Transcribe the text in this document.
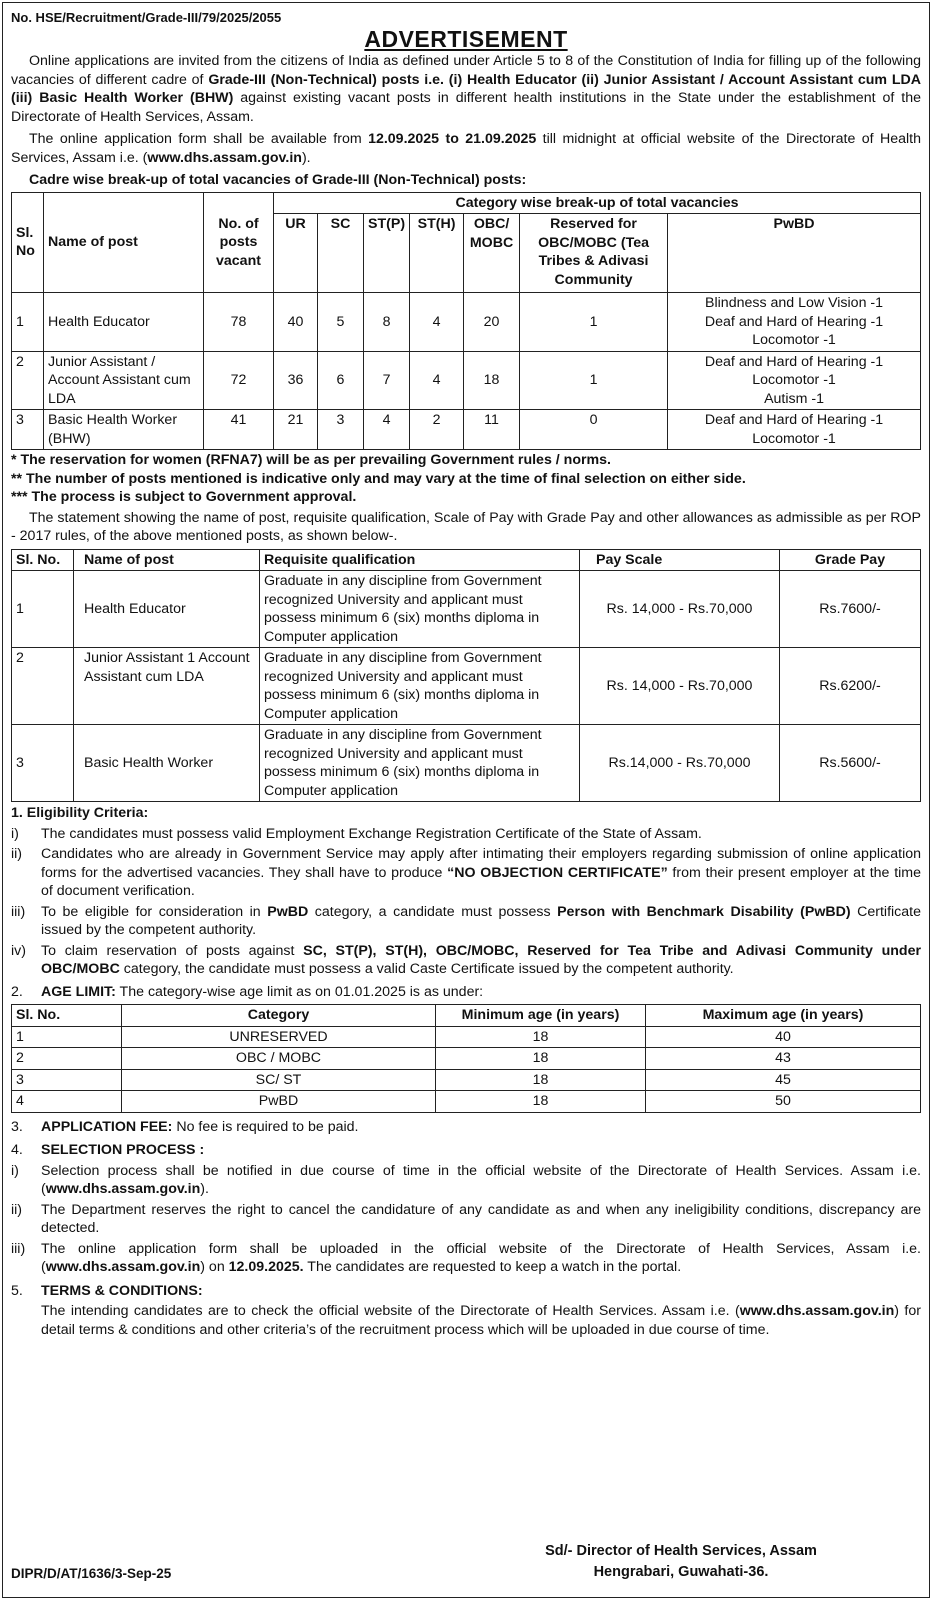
No. HSE/Recruitment/Grade-III/79/2025/2055
ADVERTISEMENT

Online applications are invited from the citizens of India as defined under Article 5 to 8 of the Constitution of India for filling up of the following vacancies of different cadre of Grade-III (Non-Technical) posts i.e. (i) Health Educator (ii) Junior Assistant / Account Assistant cum LDA (iii) Basic Health Worker (BHW) against existing vacant posts in different health institutions in the State under the establishment of the Directorate of Health Services, Assam.

The online application form shall be available from 12.09.2025 to 21.09.2025 till midnight at official website of the Directorate of Health Services, Assam i.e. (www.dhs.assam.gov.in).

Cadre wise break-up of total vacancies of Grade-III (Non-Technical) posts:
Sl. No	Name of post	No. of posts vacant	Category wise break-up of total vacancies						
			UR	SC	ST(P)	ST(H)	OBC/ MOBC	Reserved for OBC/MOBC (Tea Tribes & Adivasi Community	PwBD
1	Health Educator	78	40	5	8	4	20	1	Blindness and Low Vision -1
Deaf and Hard of Hearing -1
Locomotor -1

2	Junior Assistant / Account Assistant cum LDA	72	36	6	7	4	18	1	Deaf and Hard of Hearing -1
Locomotor -1
Autism -1

3	Basic Health Worker (BHW)	41	21	3	4	2	11	0	Deaf and Hard of Hearing -1
Locomotor -1
* The reservation for women (RFNA7) will be as per prevailing Government rules / norms.
** The number of posts mentioned is indicative only and may vary at the time of final selection on either side.
*** The process is subject to Government approval.

The statement showing the name of post, requisite qualification, Scale of Pay with Grade Pay and other allowances as admissible as per ROP - 2017 rules, of the above mentioned posts, as shown below-.

Sl. No.	Name of post	Requisite qualification	Pay Scale	Grade Pay
1	Health Educator	Graduate in any discipline from Government recognized University and applicant must possess minimum 6 (six) months diploma in Computer application	Rs. 14,000 - Rs.70,000	Rs.7600/-
2	Junior Assistant 1 Account Assistant cum LDA	Graduate in any discipline from Government recognized University and applicant must possess minimum 6 (six) months diploma in Computer application	Rs. 14,000 - Rs.70,000	Rs.6200/-
3	Basic Health Worker	Graduate in any discipline from Government recognized University and applicant must possess minimum 6 (six) months diploma in Computer application	Rs.14,000 - Rs.70,000	Rs.5600/-
1. Eligibility Criteria:
i)	The candidates must possess valid Employment Exchange Registration Certificate of the State of Assam.
ii)	Candidates who are already in Government Service may apply after intimating their employers regarding submission of online application forms for the advertised vacancies. They shall have to produce “NO OBJECTION CERTIFICATE” from their present employer at the time of document verification.
iii)	To be eligible for consideration in PwBD category, a candidate must possess Person with Benchmark Disability (PwBD) Certificate issued by the competent authority.
iv)	To claim reservation of posts against SC, ST(P), ST(H), OBC/MOBC, Reserved for Tea Tribe and Adivasi Community under OBC/MOBC category, the candidate must possess a valid Caste Certificate issued by the competent authority.
2.	AGE LIMIT: The category-wise age limit as on 01.01.2025 is as under:
Sl. No.	Category	Minimum age (in years)	Maximum age (in years)
1	UNRESERVED	18	40
2	OBC / MOBC	18	43
3	SC/ ST	18	45
4	PwBD	18	50
3.	APPLICATION FEE: No fee is required to be paid.
4.	SELECTION PROCESS :
i)	Selection process shall be notified in due course of time in the official website of the Directorate of Health Services. Assam i.e. (www.dhs.assam.gov.in).
ii)	The Department reserves the right to cancel the candidature of any candidate as and when any ineligibility conditions, discrepancy are detected.
iii)	The online application form shall be uploaded in the official website of the Directorate of Health Services, Assam i.e. (www.dhs.assam.gov.in) on 12.09.2025. The candidates are requested to keep a watch in the portal.
5.	TERMS & CONDITIONS:
The intending candidates are to check the official website of the Directorate of Health Services. Assam i.e. (www.dhs.assam.gov.in) for detail terms & conditions and other criteria’s of the recruitment process which will be uploaded in due course of time.
DIPR/D/AT/1636/3-Sep-25
Sd/- Director of Health Services, Assam
Hengrabari, Guwahati-36.
